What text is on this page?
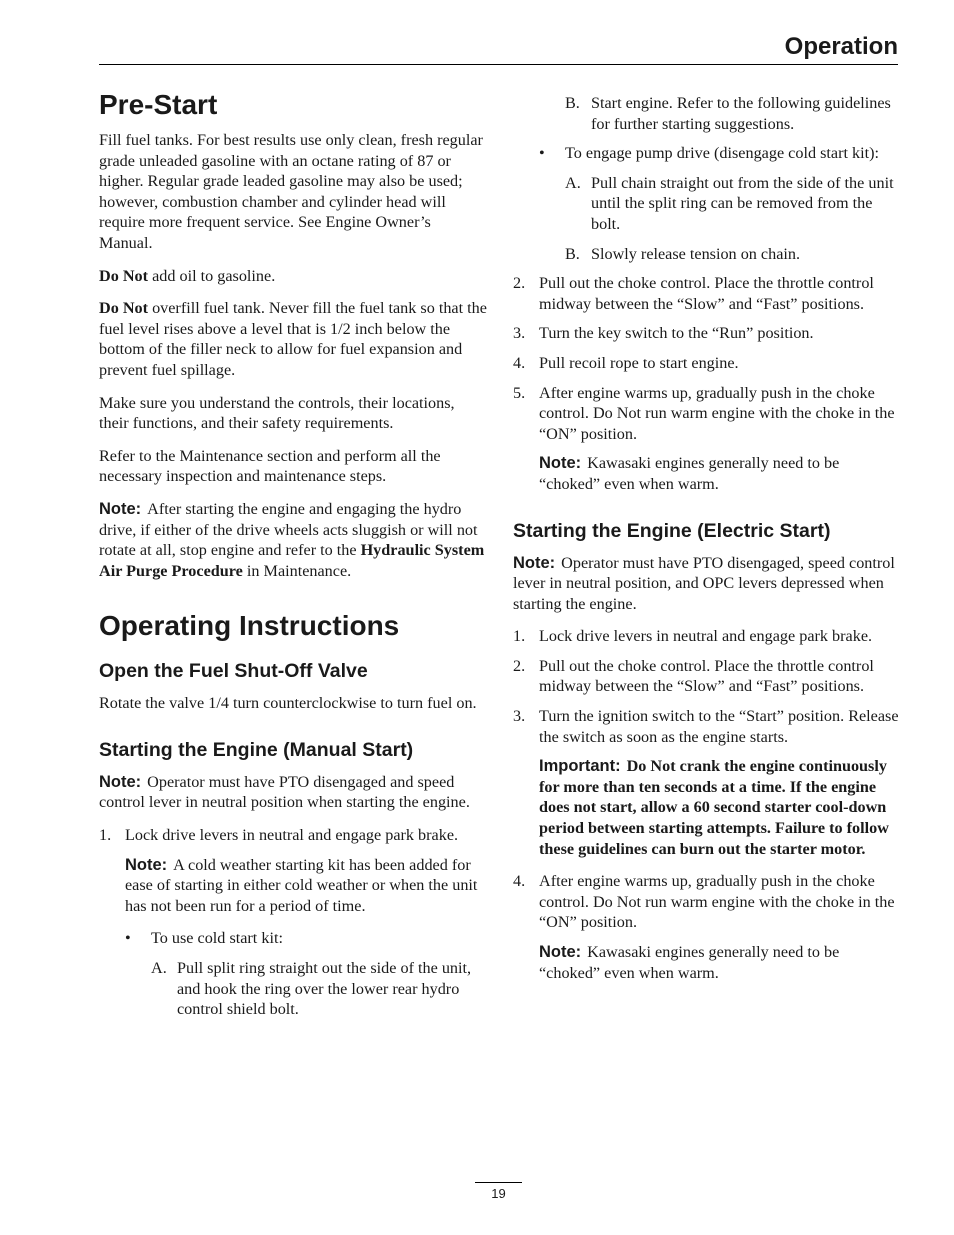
Operation
Pre-Start

Fill fuel tanks. For best results use only clean, fresh regular grade unleaded gasoline with an octane rating of 87 or higher. Regular grade leaded gasoline may also be used; however, combustion chamber and cylinder head will require more frequent service. See Engine Owner’s Manual.

Do Not add oil to gasoline.

Do Not overfill fuel tank. Never fill the fuel tank so that the fuel level rises above a level that is 1/2 inch below the bottom of the filler neck to allow for fuel expansion and prevent fuel spillage.

Make sure you understand the controls, their locations, their functions, and their safety requirements.

Refer to the Maintenance section and perform all the necessary inspection and maintenance steps.

Note: After starting the engine and engaging the hydro drive, if either of the drive wheels acts sluggish or will not rotate at all, stop engine and refer to the Hydraulic System Air Purge Procedure in Maintenance.

Operating Instructions
Open the Fuel Shut-Off Valve

Rotate the valve 1/4 turn counterclockwise to turn fuel on.

Starting the Engine (Manual Start)

Note: Operator must have PTO disengaged and speed control lever in neutral position when starting the engine.

1. Lock drive levers in neutral and engage park brake.

Note: A cold weather starting kit has been added for ease of starting in either cold weather or when the unit has not been run for a period of time.

•	To use cold start kit:
A. Pull split ring straight out the side of the unit, and hook the ring over the lower rear hydro control shield bolt.
B. Start engine. Refer to the following guidelines for further starting suggestions.
•	To engage pump drive (disengage cold start kit):
A. Pull chain straight out from the side of the unit until the split ring can be removed from the bolt.
B. Slowly release tension on chain.
2. Pull out the choke control. Place the throttle control midway between the “Slow” and “Fast” positions.
3. Turn the key switch to the “Run” position.
4. Pull recoil rope to start engine.
5. After engine warms up, gradually push in the choke control. Do Not run warm engine with the choke in the “ON” position.

Note: Kawasaki engines generally need to be “choked” even when warm.

Starting the Engine (Electric Start)

Note: Operator must have PTO disengaged, speed control lever in neutral position, and OPC levers depressed when starting the engine.

1. Lock drive levers in neutral and engage park brake.
2. Pull out the choke control. Place the throttle control midway between the “Slow” and “Fast” positions.
3. Turn the ignition switch to the “Start” position. Release the switch as soon as the engine starts.

Important: Do Not crank the engine continuously for more than ten seconds at a time. If the engine does not start, allow a 60 second starter cool-down period between starting attempts. Failure to follow these guidelines can burn out the starter motor.

4. After engine warms up, gradually push in the choke control. Do Not run warm engine with the choke in the “ON” position.

Note: Kawasaki engines generally need to be “choked” even when warm.

19
